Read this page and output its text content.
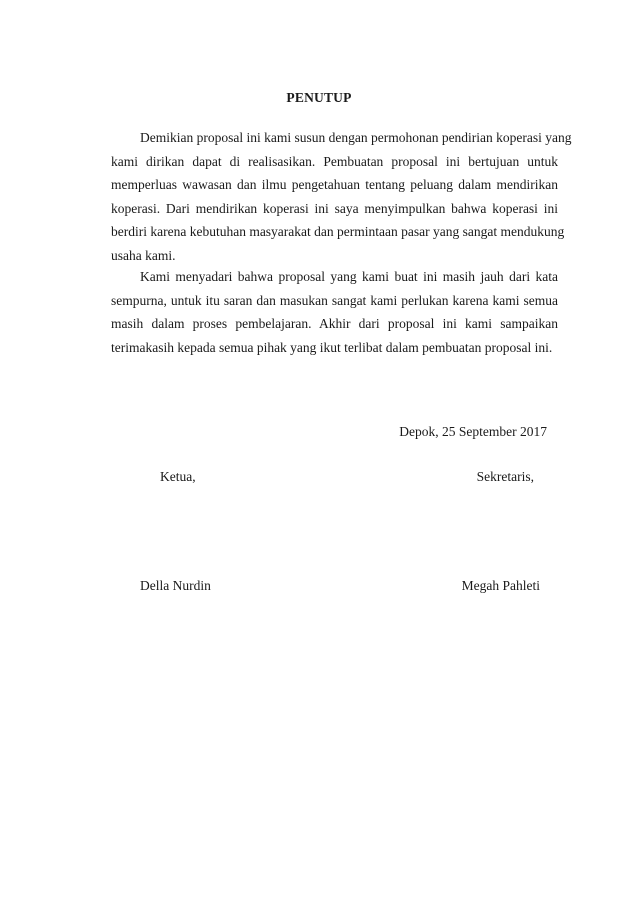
PENUTUP
Demikian proposal ini kami susun dengan permohonan pendirian koperasi yang
kami dirikan dapat di realisasikan. Pembuatan proposal ini bertujuan untuk
memperluas wawasan dan ilmu pengetahuan tentang peluang dalam mendirikan
koperasi. Dari mendirikan koperasi ini saya menyimpulkan bahwa koperasi ini
berdiri karena kebutuhan masyarakat dan permintaan pasar yang sangat mendukung
usaha kami.
Kami menyadari bahwa proposal yang kami buat ini masih jauh dari kata
sempurna, untuk itu saran dan masukan sangat kami perlukan karena kami semua
masih dalam proses pembelajaran. Akhir dari proposal ini kami sampaikan
terimakasih kepada semua pihak yang ikut terlibat dalam pembuatan proposal ini.
Depok, 25 September 2017
Ketua,	Sekretaris,
Della Nurdin	Megah Pahleti
